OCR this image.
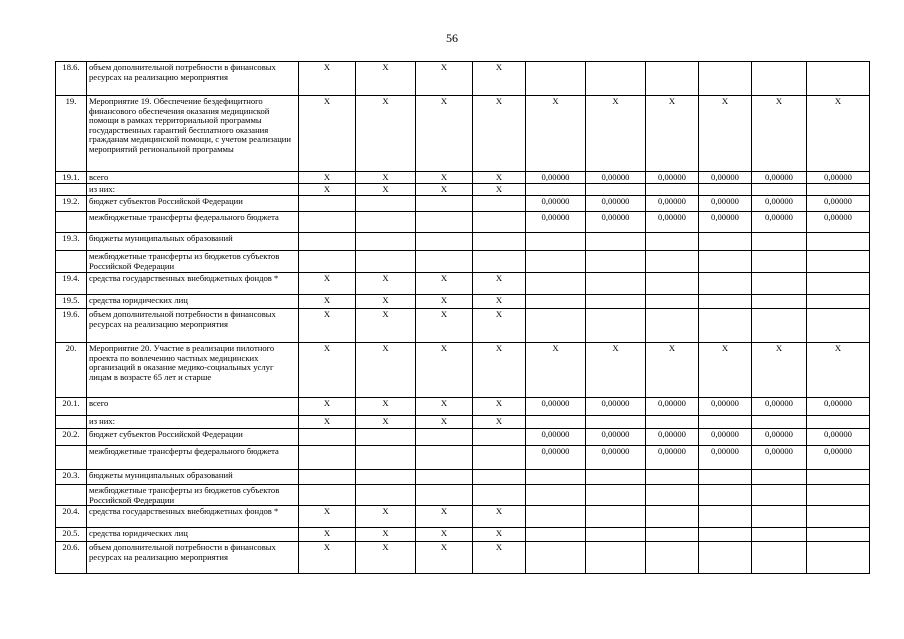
56
18.6.	объем дополнительной потребности в финансовых ресурсах на реализацию мероприятия	X	X	X	X						
19.	Мероприятие 19. Обеспечение бездефицитного финансового обеспечения оказания медицинской помощи в рамках территориальной программы государственных гарантий бесплатного оказания гражданам медицинской помощи, с учетом реализации мероприятий региональной программы	X	X	X	X	X	X	X	X	X	X
19.1.	всего	X	X	X	X	0,00000	0,00000	0,00000	0,00000	0,00000	0,00000
	из них:	X	X	X	X						
19.2.	бюджет субъектов Российской Федерации					0,00000	0,00000	0,00000	0,00000	0,00000	0,00000
	межбюджетные трансферты федерального бюджета					0,00000	0,00000	0,00000	0,00000	0,00000	0,00000
19.3.	бюджеты муниципальных образований										
	межбюджетные трансферты из бюджетов субъектов Российской Федерации										
19.4.	средства государственных внебюджетных фондов *	X	X	X	X						
19.5.	средства юридических лиц	X	X	X	X						
19.6.	объем дополнительной потребности в финансовых ресурсах на реализацию мероприятия	X	X	X	X						
20.	Мероприятие 20. Участие в реализации пилотного проекта по вовлечению частных медицинских организаций в оказание медико-социальных услуг лицам в возрасте 65 лет и старше	X	X	X	X	X	X	X	X	X	X
20.1.	всего	X	X	X	X	0,00000	0,00000	0,00000	0,00000	0,00000	0,00000
	из них:	X	X	X	X						
20.2.	бюджет субъектов Российской Федерации					0,00000	0,00000	0,00000	0,00000	0,00000	0,00000
	межбюджетные трансферты федерального бюджета					0,00000	0,00000	0,00000	0,00000	0,00000	0,00000
20.3.	бюджеты муниципальных образований										
	межбюджетные трансферты из бюджетов субъектов Российской Федерации										
20.4.	средства государственных внебюджетных фондов *	X	X	X	X						
20.5.	средства юридических лиц	X	X	X	X						
20.6.	объем дополнительной потребности в финансовых ресурсах на реализацию мероприятия	X	X	X	X						
